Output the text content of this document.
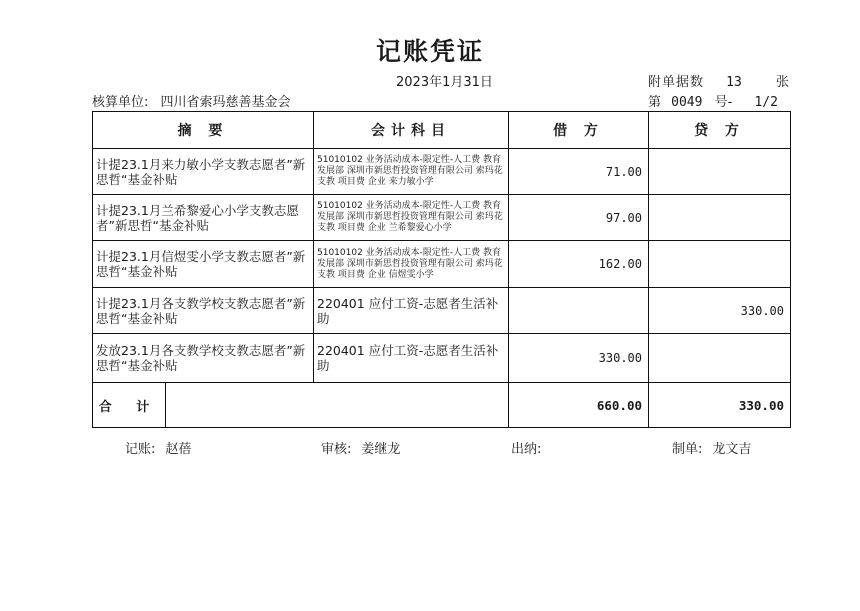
记账凭证
2023年1月31日	附单据数 13	张
核算单位: 四川省索玛慈善基金会	第 0049 号- 1/2
摘 要	会计科目	借 方	贷 方
计提23.1月来力敏小学支教志愿者”新思哲“基金补贴	51010102 业务活动成本-限定性-人工费 教育发展部 深圳市新思哲投资管理有限公司 索玛花支教 项目费 企业 来力敏小学	71.00	
计提23.1月兰希黎爱心小学支教志愿者”新思哲“基金补贴	51010102 业务活动成本-限定性-人工费 教育发展部 深圳市新思哲投资管理有限公司 索玛花支教 项目费 企业 兰希黎爱心小学	97.00	
计提23.1月信煜雯小学支教志愿者”新思哲“基金补贴	51010102 业务活动成本-限定性-人工费 教育发展部 深圳市新思哲投资管理有限公司 索玛花支教 项目费 企业 信煜雯小学	162.00	
计提23.1月各支教学校支教志愿者”新思哲“基金补贴	220401 应付工资-志愿者生活补助		330.00
发放23.1月各支教学校支教志愿者”新思哲“基金补贴	220401 应付工资-志愿者生活补助	330.00	

合 计		660.00	330.00
记账: 赵蓓	审核: 姜继龙	出纳:	制单: 龙文吉
